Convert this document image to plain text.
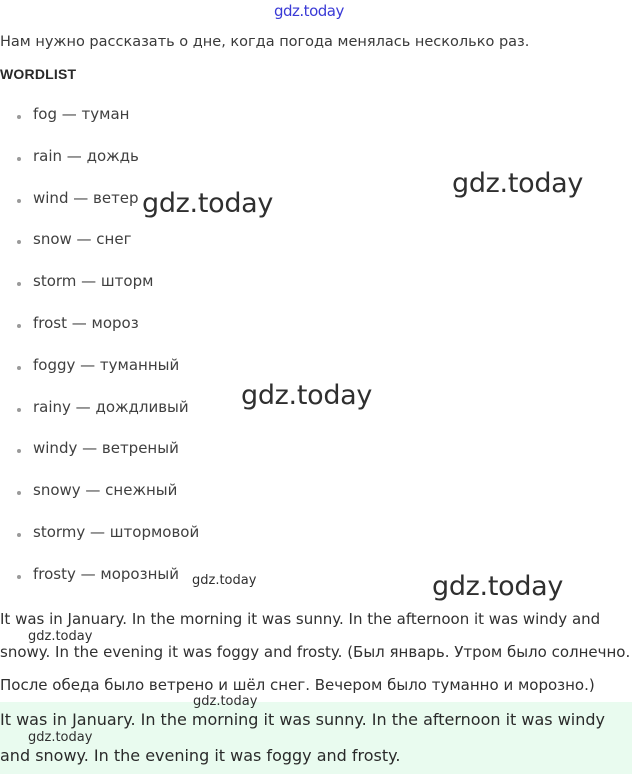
gdz.today
Нам нужно рассказать о дне, когда погода менялась несколько раз.
WORDLIST
fog — туман
rain — дождь
wind — ветер
snow — снег
storm — шторм
frost — мороз
foggy — туманный
rainy — дождливый
windy — ветреный
snowy — снежный
stormy — штормовой
frosty — морозный
It was in January. In the morning it was sunny. In the afternoon it was windy and
snowy. In the evening it was foggy and frosty. (Был январь. Утром было солнечно.
После обеда было ветрено и шёл снег. Вечером было туманно и морозно.)
It was in January. In the morning it was sunny. In the afternoon it was windy
and snowy. In the evening it was foggy and frosty.
gdz.today
gdz.today
gdz.today
gdz.today
gdz.today
gdz.today
gdz.today
gdz.today
